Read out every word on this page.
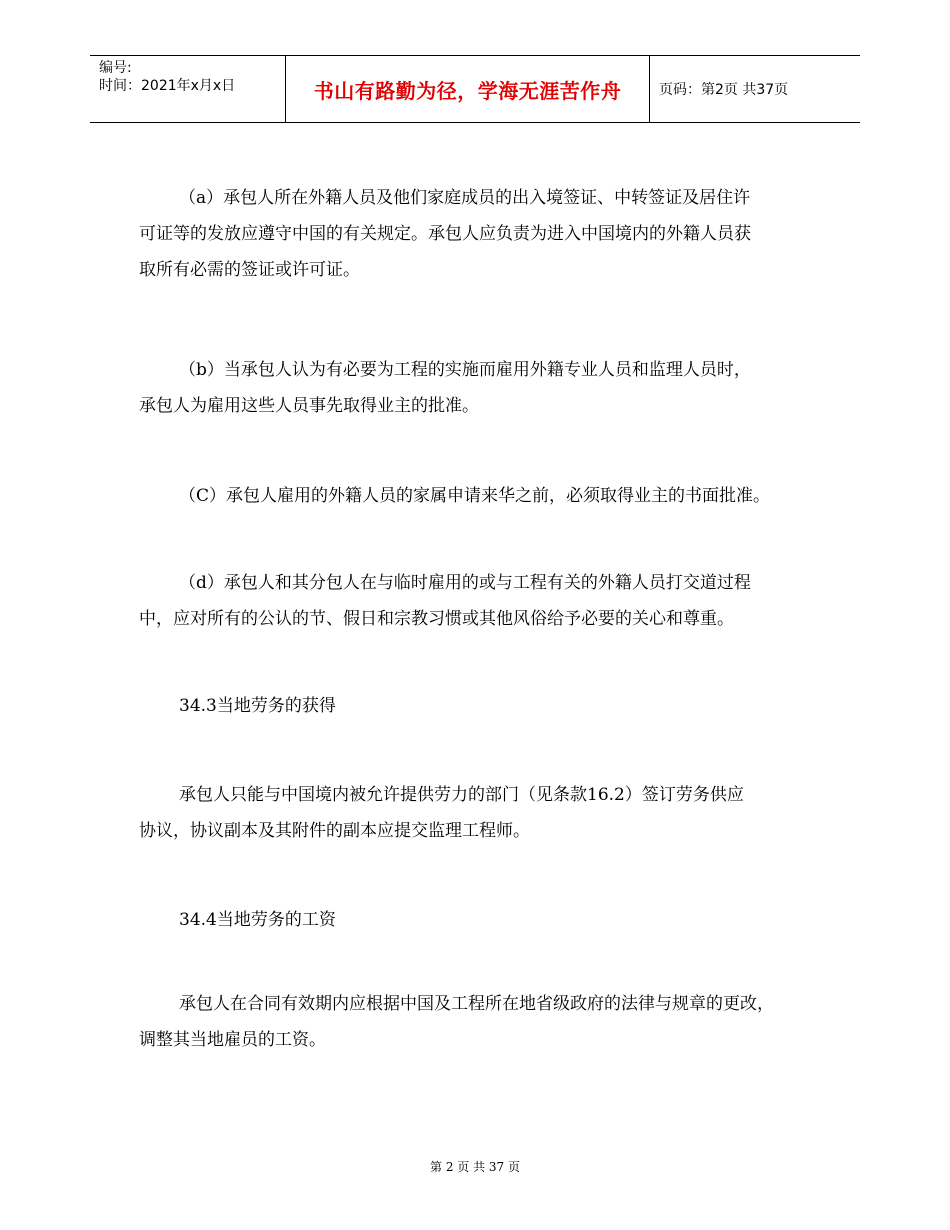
编号:
时间：2021年x月x日	书山有路勤为径，学海无涯苦作舟	页码：第2页 共37页

（a）承包人所在外籍人员及他们家庭成员的出入境签证、中转签证及居住许
可证等的发放应遵守中国的有关规定。承包人应负责为进入中国境内的外籍人员获
取所有必需的签证或许可证。

（b）当承包人认为有必要为工程的实施而雇用外籍专业人员和监理人员时，
承包人为雇用这些人员事先取得业主的批准。

（C）承包人雇用的外籍人员的家属申请来华之前，必须取得业主的书面批准。

（d）承包人和其分包人在与临时雇用的或与工程有关的外籍人员打交道过程
中，应对所有的公认的节、假日和宗教习惯或其他风俗给予必要的关心和尊重。

34.3当地劳务的获得

承包人只能与中国境内被允许提供劳力的部门（见条款16.2）签订劳务供应
协议，协议副本及其附件的副本应提交监理工程师。

34.4当地劳务的工资

承包人在合同有效期内应根据中国及工程所在地省级政府的法律与规章的更改，
调整其当地雇员的工资。

第 2 页 共 37 页
